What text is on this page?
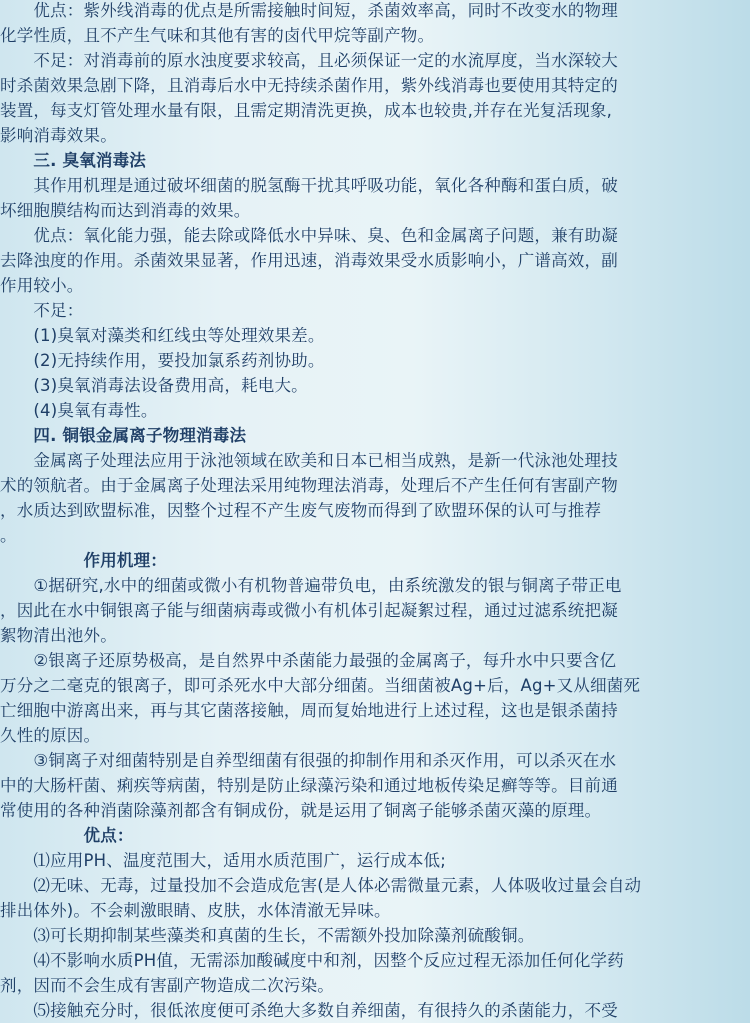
　　优点：紫外线消毒的优点是所需接触时间短，杀菌效率高，同时不改变水的物理
化学性质，且不产生气味和其他有害的卤代甲烷等副产物。
　　不足：对消毒前的原水浊度要求较高，且必须保证一定的水流厚度，当水深较大
时杀菌效果急剧下降，且消毒后水中无持续杀菌作用，紫外线消毒也要使用其特定的
装置，每支灯管处理水量有限，且需定期清洗更换，成本也较贵,并存在光复活现象,
影响消毒效果。
　　三. 臭氧消毒法
　　其作用机理是通过破坏细菌的脱氢酶干扰其呼吸功能，氧化各种酶和蛋白质，破
坏细胞膜结构而达到消毒的效果。
　　优点：氧化能力强，能去除或降低水中异味、臭、色和金属离子问题，兼有助凝
去降浊度的作用。杀菌效果显著，作用迅速，消毒效果受水质影响小，广谱高效，副
作用较小。
　　不足：
　　(1)臭氧对藻类和红线虫等处理效果差。
　　(2)无持续作用，要投加氯系药剂协助。
　　(3)臭氧消毒法设备费用高，耗电大。
　　(4)臭氧有毒性。
　　四. 铜银金属离子物理消毒法
　　金属离子处理法应用于泳池领域在欧美和日本已相当成熟，是新一代泳池处理技
术的领航者。由于金属离子处理法采用纯物理法消毒，处理后不产生任何有害副产物
，水质达到欧盟标准，因整个过程不产生废气废物而得到了欧盟环保的认可与推荐
。
　　　　　作用机理：
　　①据研究,水中的细菌或微小有机物普遍带负电，由系统激发的银与铜离子带正电
，因此在水中铜银离子能与细菌病毒或微小有机体引起凝絮过程，通过过滤系统把凝
絮物清出池外。
　　②银离子还原势极高，是自然界中杀菌能力最强的金属离子，每升水中只要含亿
万分之二毫克的银离子，即可杀死水中大部分细菌。当细菌被Ag+后，Ag+又从细菌死
亡细胞中游离出来，再与其它菌落接触，周而复始地进行上述过程，这也是银杀菌持
久性的原因。
　　③铜离子对细菌特别是自养型细菌有很强的抑制作用和杀灭作用，可以杀灭在水
中的大肠杆菌、痢疾等病菌，特别是防止绿藻污染和通过地板传染足癣等等。目前通
常使用的各种消菌除藻剂都含有铜成份，就是运用了铜离子能够杀菌灭藻的原理。
　　　　　优点：
　　⑴应用PH、温度范围大，适用水质范围广，运行成本低;
　　⑵无味、无毒，过量投加不会造成危害(是人体必需微量元素，人体吸收过量会自动
排出体外)。不会刺激眼睛、皮肤，水体清澈无异味。
　　⑶可长期抑制某些藻类和真菌的生长，不需额外投加除藻剂硫酸铜。
　　⑷不影响水质PH值，无需添加酸碱度中和剂，因整个反应过程无添加任何化学药
剂，因而不会生成有害副产物造成二次污染。
　　⑸接触充分时，很低浓度便可杀绝大多数自养细菌，有很持久的杀菌能力，不受
